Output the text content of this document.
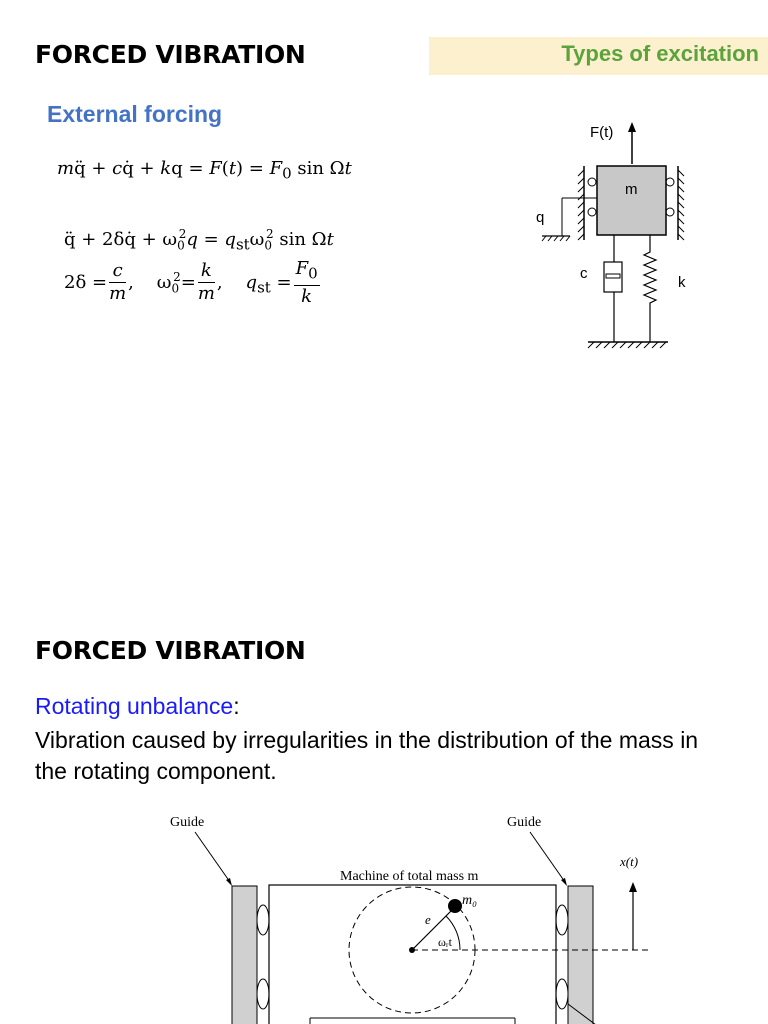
FORCED VIBRATION	Types of excitation
External forcing
mq̈ + cq̇ + kq = $F(t) = F_0$ sin Ωt
q̈ + 2δq̇ + $\omega_0^2q = q_{st}\omega_0^2$ sin Ωt
$2\delta = \frac{c}{m}$ ,    $\omega_0^2= \frac{k}{m}$ ,    $q_{st} = \frac{F_0}{k}$
F(t)
m
q
c
k
FORCED VIBRATION

Rotating unbalance:

Vibration caused by irregularities in the distribution of the mass in the rotating component.

Guide	Guide
Machine of total mass m
m₀
e
ωᵣt
x(t)
